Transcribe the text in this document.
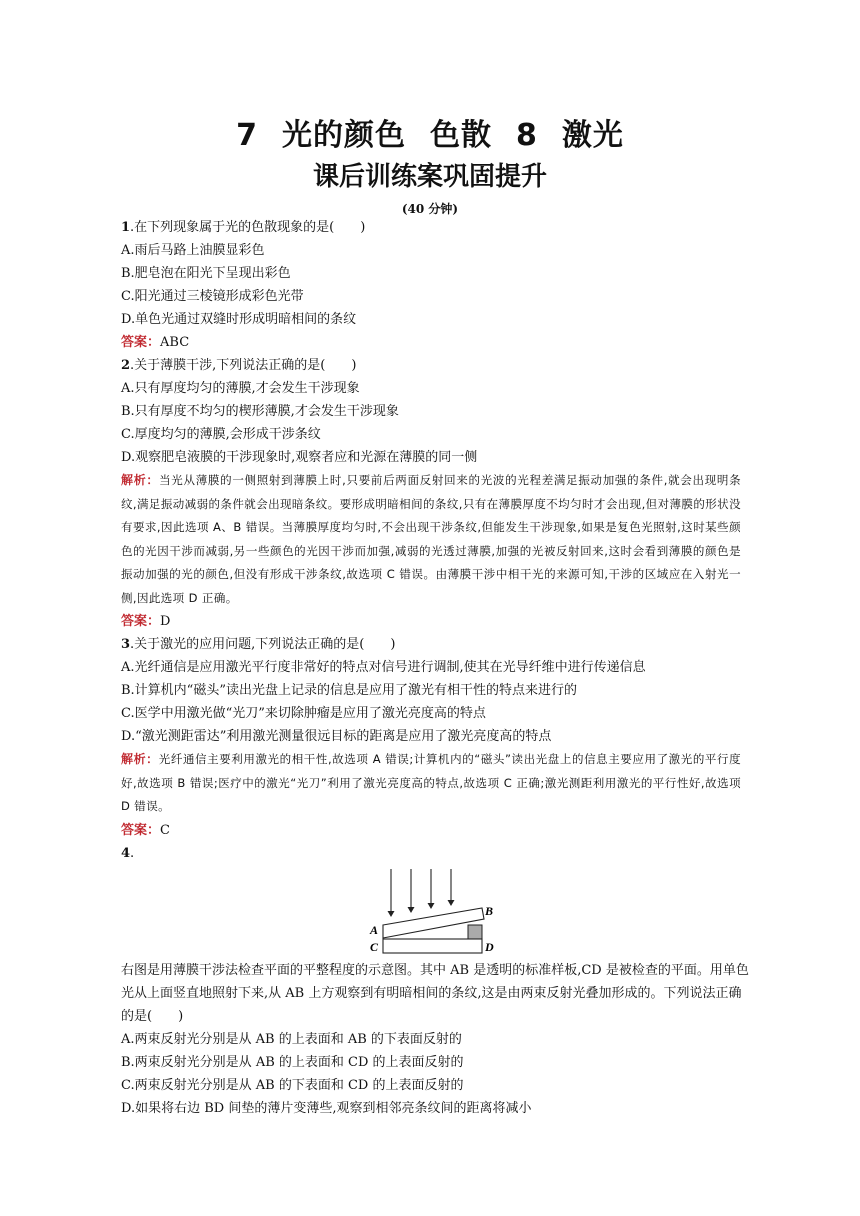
7 光的颜色 色散 8 激光
课后训练案巩固提升
(40 分钟)
1.在下列现象属于光的色散现象的是(　　)
A.雨后马路上油膜显彩色
B.肥皂泡在阳光下呈现出彩色
C.阳光通过三棱镜形成彩色光带
D.单色光通过双缝时形成明暗相间的条纹
答案：ABC
2.关于薄膜干涉,下列说法正确的是(　　)
A.只有厚度均匀的薄膜,才会发生干涉现象
B.只有厚度不均匀的楔形薄膜,才会发生干涉现象
C.厚度均匀的薄膜,会形成干涉条纹
D.观察肥皂液膜的干涉现象时,观察者应和光源在薄膜的同一侧
解析：当光从薄膜的一侧照射到薄膜上时,只要前后两面反射回来的光波的光程差满足振动加强的条件,就会出现明条纹,满足振动减弱的条件就会出现暗条纹。要形成明暗相间的条纹,只有在薄膜厚度不均匀时才会出现,但对薄膜的形状没有要求,因此选项 A、B 错误。当薄膜厚度均匀时,不会出现干涉条纹,但能发生干涉现象,如果是复色光照射,这时某些颜色的光因干涉而减弱,另一些颜色的光因干涉而加强,减弱的光透过薄膜,加强的光被反射回来,这时会看到薄膜的颜色是振动加强的光的颜色,但没有形成干涉条纹,故选项 C 错误。由薄膜干涉中相干光的来源可知,干涉的区域应在入射光一侧,因此选项 D 正确。
答案：D
3.关于激光的应用问题,下列说法正确的是(　　)
A.光纤通信是应用激光平行度非常好的特点对信号进行调制,使其在光导纤维中进行传递信息
B.计算机内“磁头”读出光盘上记录的信息是应用了激光有相干性的特点来进行的
C.医学中用激光做“光刀”来切除肿瘤是应用了激光亮度高的特点
D.“激光测距雷达”利用激光测量很远目标的距离是应用了激光亮度高的特点
解析：光纤通信主要利用激光的相干性,故选项 A 错误;计算机内的“磁头”读出光盘上的信息主要应用了激光的平行度好,故选项 B 错误;医疗中的激光“光刀”利用了激光亮度高的特点,故选项 C 正确;激光测距利用激光的平行性好,故选项 D 错误。
答案：C
4.
A
B
C	D
右图是用薄膜干涉法检查平面的平整程度的示意图。其中 AB 是透明的标准样板,CD 是被检查的平面。用单色
光从上面竖直地照射下来,从 AB 上方观察到有明暗相间的条纹,这是由两束反射光叠加形成的。下列说法正确
的是(　　)
A.两束反射光分别是从 AB 的上表面和 AB 的下表面反射的
B.两束反射光分别是从 AB 的上表面和 CD 的上表面反射的
C.两束反射光分别是从 AB 的下表面和 CD 的上表面反射的
D.如果将右边 BD 间垫的薄片变薄些,观察到相邻亮条纹间的距离将减小
